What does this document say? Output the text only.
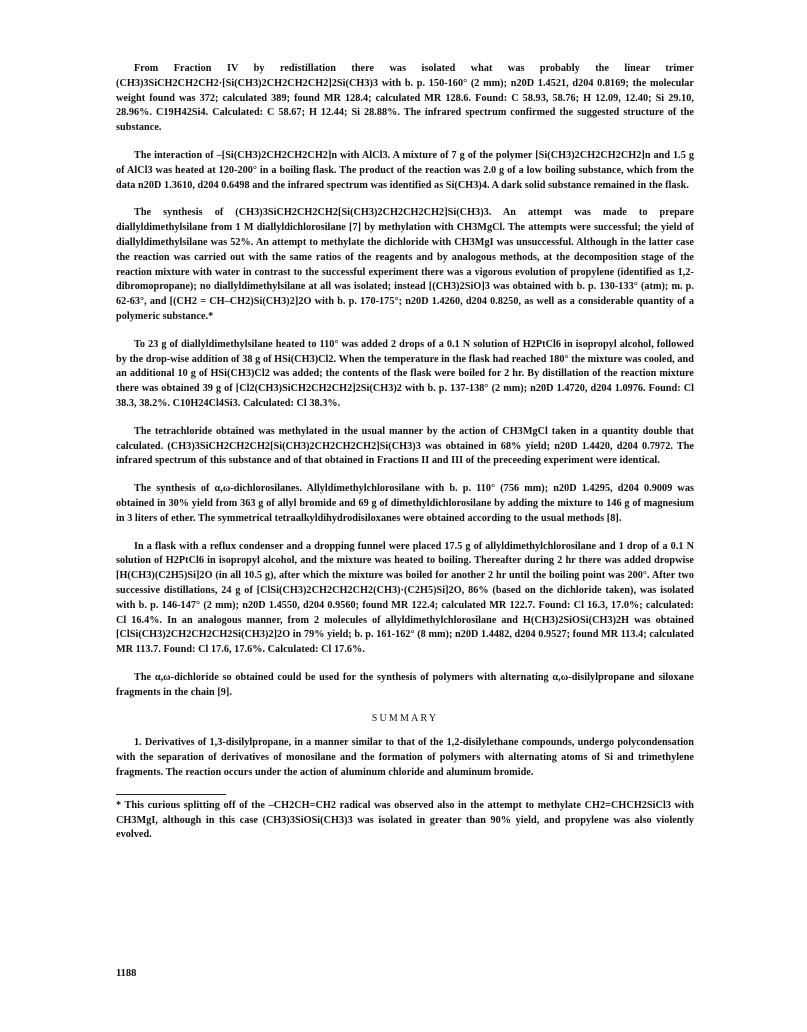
From Fraction IV by redistillation there was isolated what was probably the linear trimer (CH3)3SiCH2CH2CH2·[Si(CH3)2CH2CH2CH2]2Si(CH3)3 with b. p. 150-160° (2 mm); n20D 1.4521, d204 0.8169; the molecular weight found was 372; calculated 389; found MR 128.4; calculated MR 128.6. Found: C 58.93, 58.76; H 12.09, 12.40; Si 29.10, 28.96%. C19H42Si4. Calculated: C 58.67; H 12.44; Si 28.88%. The infrared spectrum confirmed the suggested structure of the substance.

The interaction of –[Si(CH3)2CH2CH2CH2]n with AlCl3. A mixture of 7 g of the polymer [Si(CH3)2CH2CH2CH2]n and 1.5 g of AlCl3 was heated at 120-200° in a boiling flask. The product of the reaction was 2.0 g of a low boiling substance, which from the data n20D 1.3610, d204 0.6498 and the infrared spectrum was identified as Si(CH3)4. A dark solid substance remained in the flask.

The synthesis of (CH3)3SiCH2CH2CH2[Si(CH3)2CH2CH2CH2]Si(CH3)3. An attempt was made to prepare diallyldimethylsilane from 1 M diallyldichlorosilane [7] by methylation with CH3MgCl. The attempts were successful; the yield of diallyldimethylsilane was 52%. An attempt to methylate the dichloride with CH3MgI was unsuccessful. Although in the latter case the reaction was carried out with the same ratios of the reagents and by analogous methods, at the decomposition stage of the reaction mixture with water in contrast to the successful experiment there was a vigorous evolution of propylene (identified as 1,2-dibromopropane); no diallyldimethylsilane at all was isolated; instead [(CH3)2SiO]3 was obtained with b. p. 130-133° (atm); m. p. 62-63°, and [(CH2 = CH–CH2)Si(CH3)2]2O with b. p. 170-175°; n20D 1.4260, d204 0.8250, as well as a considerable quantity of a polymeric substance.*

To 23 g of diallyldimethylsilane heated to 110° was added 2 drops of a 0.1 N solution of H2PtCl6 in isopropyl alcohol, followed by the drop-wise addition of 38 g of HSi(CH3)Cl2. When the temperature in the flask had reached 180° the mixture was cooled, and an additional 10 g of HSi(CH3)Cl2 was added; the contents of the flask were boiled for 2 hr. By distillation of the reaction mixture there was obtained 39 g of [Cl2(CH3)SiCH2CH2CH2]2Si(CH3)2 with b. p. 137-138° (2 mm); n20D 1.4720, d204 1.0976. Found: Cl 38.3, 38.2%. C10H24Cl4Si3. Calculated: Cl 38.3%.

The tetrachloride obtained was methylated in the usual manner by the action of CH3MgCl taken in a quantity double that calculated. (CH3)3SiCH2CH2CH2[Si(CH3)2CH2CH2CH2]Si(CH3)3 was obtained in 68% yield; n20D 1.4420, d204 0.7972. The infrared spectrum of this substance and of that obtained in Fractions II and III of the preceeding experiment were identical.

The synthesis of α,ω-dichlorosilanes. Allyldimethylchlorosilane with b. p. 110° (756 mm); n20D 1.4295, d204 0.9009 was obtained in 30% yield from 363 g of allyl bromide and 69 g of dimethyldichlorosilane by adding the mixture to 146 g of magnesium in 3 liters of ether. The symmetrical tetraalkyldihydrodisiloxanes were obtained according to the usual methods [8].

In a flask with a reflux condenser and a dropping funnel were placed 17.5 g of allyldimethylchlorosilane and 1 drop of a 0.1 N solution of H2PtCl6 in isopropyl alcohol, and the mixture was heated to boiling. Thereafter during 2 hr there was added dropwise [H(CH3)(C2H5)Si]2O (in all 10.5 g), after which the mixture was boiled for another 2 hr until the boiling point was 200°. After two successive distillations, 24 g of [ClSi(CH3)2CH2CH2CH2(CH3)·(C2H5)Si]2O, 86% (based on the dichloride taken), was isolated with b. p. 146-147° (2 mm); n20D 1.4550, d204 0.9560; found MR 122.4; calculated MR 122.7. Found: Cl 16.3, 17.0%; calculated: Cl 16.4%. In an analogous manner, from 2 molecules of allyldimethylchlorosilane and H(CH3)2SiOSi(CH3)2H was obtained [ClSi(CH3)2CH2CH2CH2Si(CH3)2]2O in 79% yield; b. p. 161-162° (8 mm); n20D 1.4482, d204 0.9527; found MR 113.4; calculated MR 113.7. Found: Cl 17.6, 17.6%. Calculated: Cl 17.6%.

The α,ω-dichloride so obtained could be used for the synthesis of polymers with alternating α,ω-disilylpropane and siloxane fragments in the chain [9].

SUMMARY

1. Derivatives of 1,3-disilylpropane, in a manner similar to that of the 1,2-disilylethane compounds, undergo polycondensation with the separation of derivatives of monosilane and the formation of polymers with alternating atoms of Si and trimethylene fragments. The reaction occurs under the action of aluminum chloride and aluminum bromide.

* This curious splitting off of the –CH2CH=CH2 radical was observed also in the attempt to methylate CH2=CHCH2SiCl3 with CH3MgI, although in this case (CH3)3SiOSi(CH3)3 was isolated in greater than 90% yield, and propylene was also violently evolved.

1188
